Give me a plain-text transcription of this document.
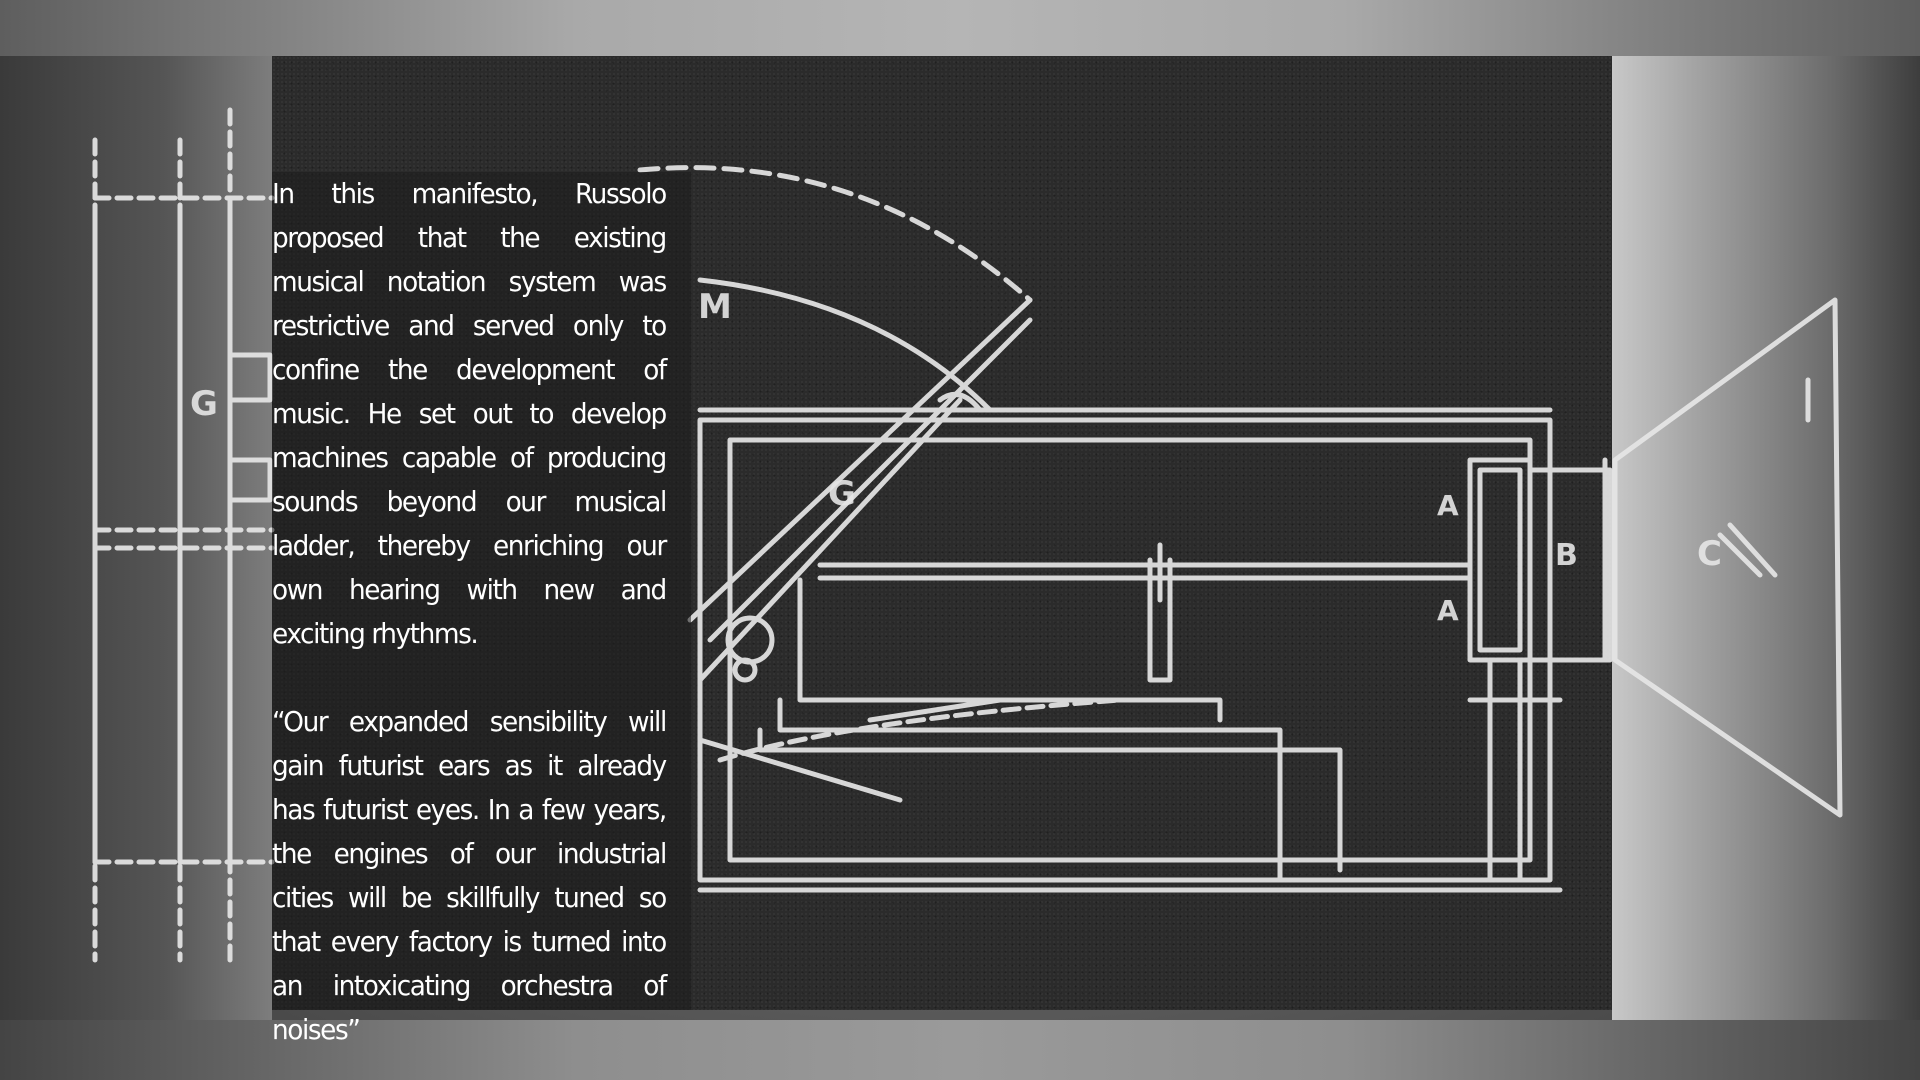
G
G
M
A
A
B	C

In this manifesto, Russolo proposed that the existing musical notation system was restrictive and served only to confine the development of music. He set out to develop machines capable of producing sounds beyond our musical ladder, thereby enriching our own hearing with new and exciting rhythms.

“Our expanded sensibility will gain futurist ears as it already has futurist eyes. In a few years, the engines of our industrial cities will be skillfully tuned so that every factory is turned into an intoxicating orchestra of noises”
